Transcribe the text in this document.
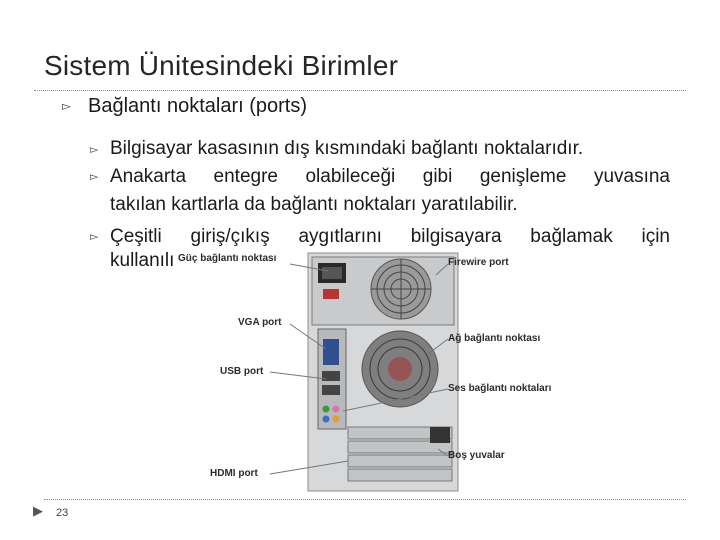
Sistem Ünitesindeki Birimler
▻ Bağlantı noktaları (ports)
▻ Bilgisayar kasasının dış kısmındaki bağlantı noktalarıdır.
▻ Anakarta entegre olabileceği gibi genişleme yuvasına
takılan kartlarla da bağlantı noktaları yaratılabilir.
▻ Çeşitli giriş/çıkış aygıtlarını bilgisayara bağlamak için
kullanılı Güç bağlantı noktası	Firewire port
VGA port
Ağ bağlantı noktası
USB port
Ses bağlantı noktaları
Boş yuvalar
HDMI port
▶ 23
